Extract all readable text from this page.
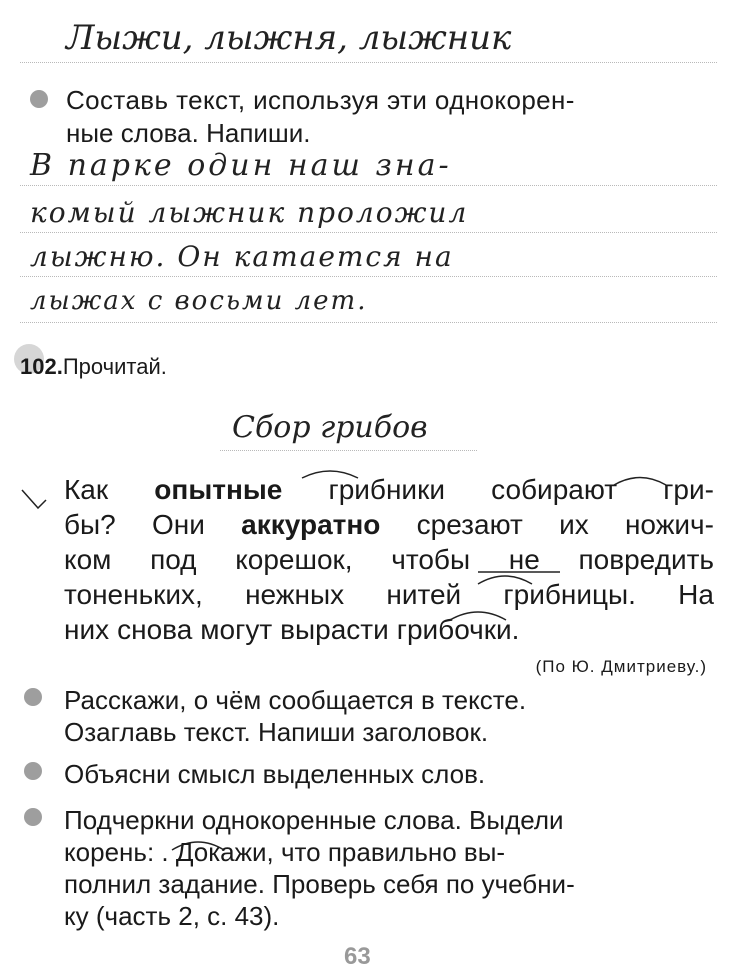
Лыжи, лыжня, лыжник
Составь текст, используя эти однокорен-
ные слова. Напиши.
В парке один наш зна-
комый лыжник проложил
лыжню. Он катается на
лыжах с восьми лет.
102.Прочитай.
Сбор грибов
Как опытные грибники собирают гри-
бы? Они аккуратно срезают их ножич-
ком под корешок, чтобы не повредить
тоненьких, нежных нитей грибницы. На
них снова могут вырасти грибочки.
(По Ю. Дмитриеву.)
Расскажи, о чём сообщается в тексте.
Озаглавь текст. Напиши заголовок.
Объясни смысл выделенных слов.
Подчеркни однокоренные слова. Выдели
корень: . Докажи, что правильно вы-
полнил задание. Проверь себя по учебни-
ку (часть 2, с. 43).
63
